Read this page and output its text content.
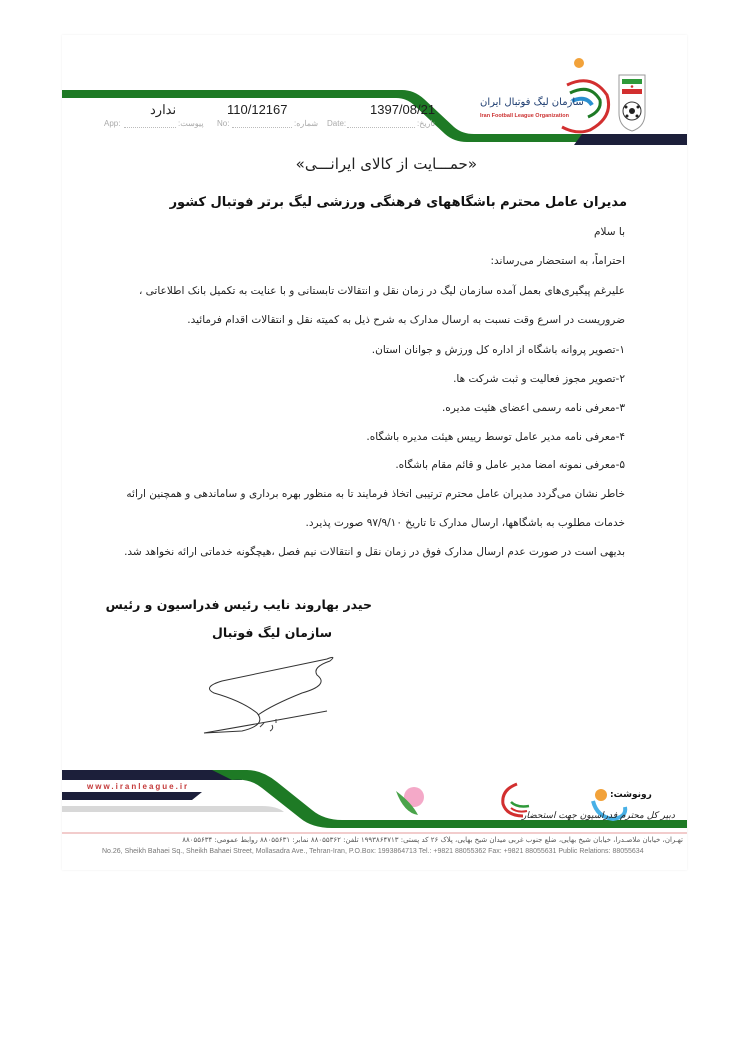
سازمان لیگ فوتبال ایران
Iran Football League Organization
ندارد	110/12167	1397/08/21
App:	پیوست: No:	شماره: Date:	تاریخ:
«حمـــایت از کالای ایرانـــی»
مدیران عامل محترم باشگاههای فرهنگی ورزشی لیگ برتر فوتبال کشور
با سلام
احتراماً، به استحضار می‌رساند:
علیرغم پیگیری‌های بعمل آمده سازمان لیگ در زمان نقل و انتقالات تابستانی و با عنایت به تکمیل بانک اطلاعاتی ،
ضروریست در اسرع وقت نسبت به ارسال مدارک به شرح ذیل به کمیته نقل و انتقالات اقدام فرمائید.
۱-تصویر پروانه باشگاه از اداره کل ورزش و جوانان استان.
۲-تصویر مجوز فعالیت و ثبت شرکت ها.
۳-معرفی نامه رسمی اعضای هئیت مدیره.
۴-معرفی نامه مدیر عامل توسط رییس هیئت مدیره باشگاه.
۵-معرفی نمونه امضا مدیر عامل و قائم مقام باشگاه.
خاطر نشان می‌گردد مدیران عامل محترم ترتیبی اتخاذ فرمایند تا به منظور بهره برداری و ساماندهی و همچنین ارائه
خدمات مطلوب به باشگاهها، ارسال مدارک تا تاریخ ۹۷/۹/۱۰ صورت پذیرد.
بدیهی است در صورت عدم ارسال مدارک فوق در زمان نقل و انتقالات نیم فصل ،هیچگونه خدماتی ارائه نخواهد شد.
حیدر بهاروند نایب رئیس فدراسیون و رئیس
سازمان لیگ فوتبال
www.iranleague.ir
رونوشت:
دبیر کل محترم فدراسیون جهت استحضار
تهـران، خیابان ملاصـدرا، خیابان شیخ بهایی، ضلع جنوب غربی میدان شیخ بهایی، پلاک ۲۶ کد پستی: ۱۹۹۳۸۶۴۷۱۳ تلفن: ۸۸۰۵۵۳۶۲ نمابر: ۸۸۰۵۵۶۳۱ روابط عمومی: ۸۸۰۵۵۶۳۴
No.26, Sheikh Bahaei Sq., Sheikh Bahaei Street, Mollasadra Ave., Tehran-Iran, P.O.Box: 1993864713 Tel.: +9821 88055362 Fax: +9821 88055631 Public Relations: 88055634
